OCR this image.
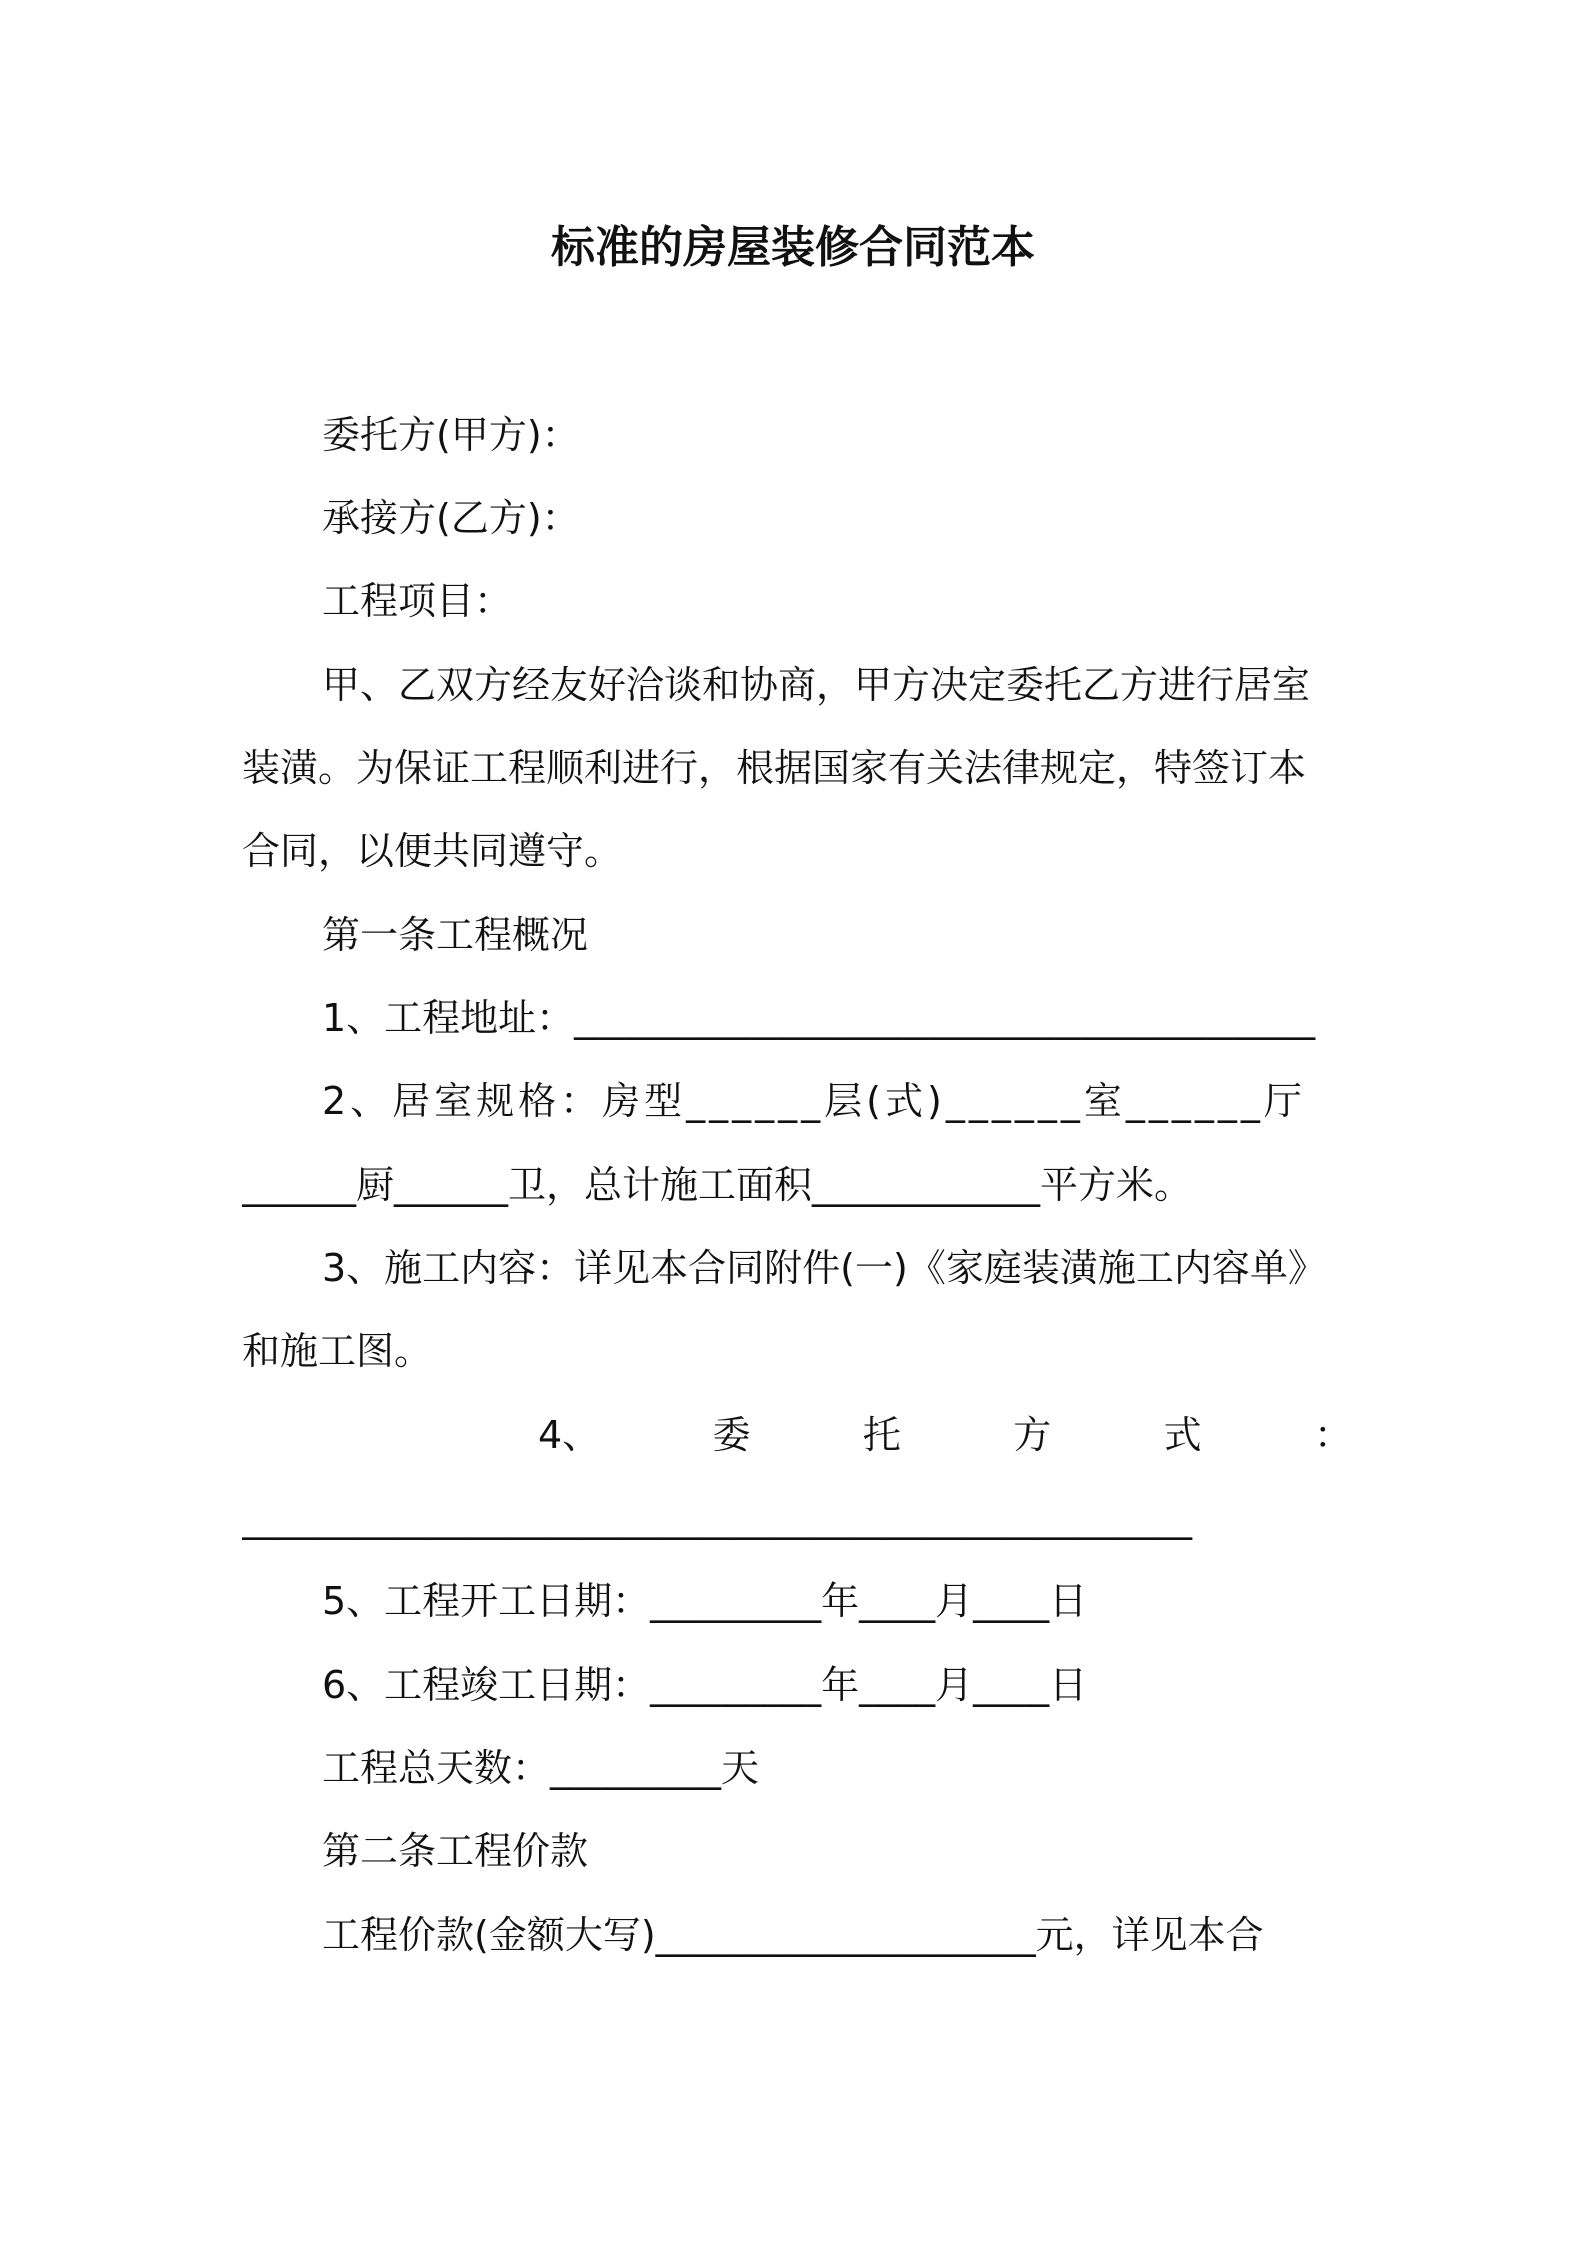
标准的房屋装修合同范本
委托方(甲方)：
承接方(乙方)：
工程项目：
甲、乙双方经友好洽谈和协商，甲方决定委托乙方进行居室
装潢。为保证工程顺利进行，根据国家有关法律规定，特签订本
合同，以便共同遵守。
第一条工程概况
1、工程地址：_______________________________________
2、居室规格：房型______层(式)______室______厅
______厨______卫，总计施工面积____________平方米。
3、施工内容：详见本合同附件(一)《家庭装潢施工内容单》
和施工图。
4、	委	托	方	式	：
__________________________________________________
5、工程开工日期：_________年____月____日
6、工程竣工日期：_________年____月____日
工程总天数：_________天
第二条工程价款
工程价款(金额大写)____________________元，详见本合
